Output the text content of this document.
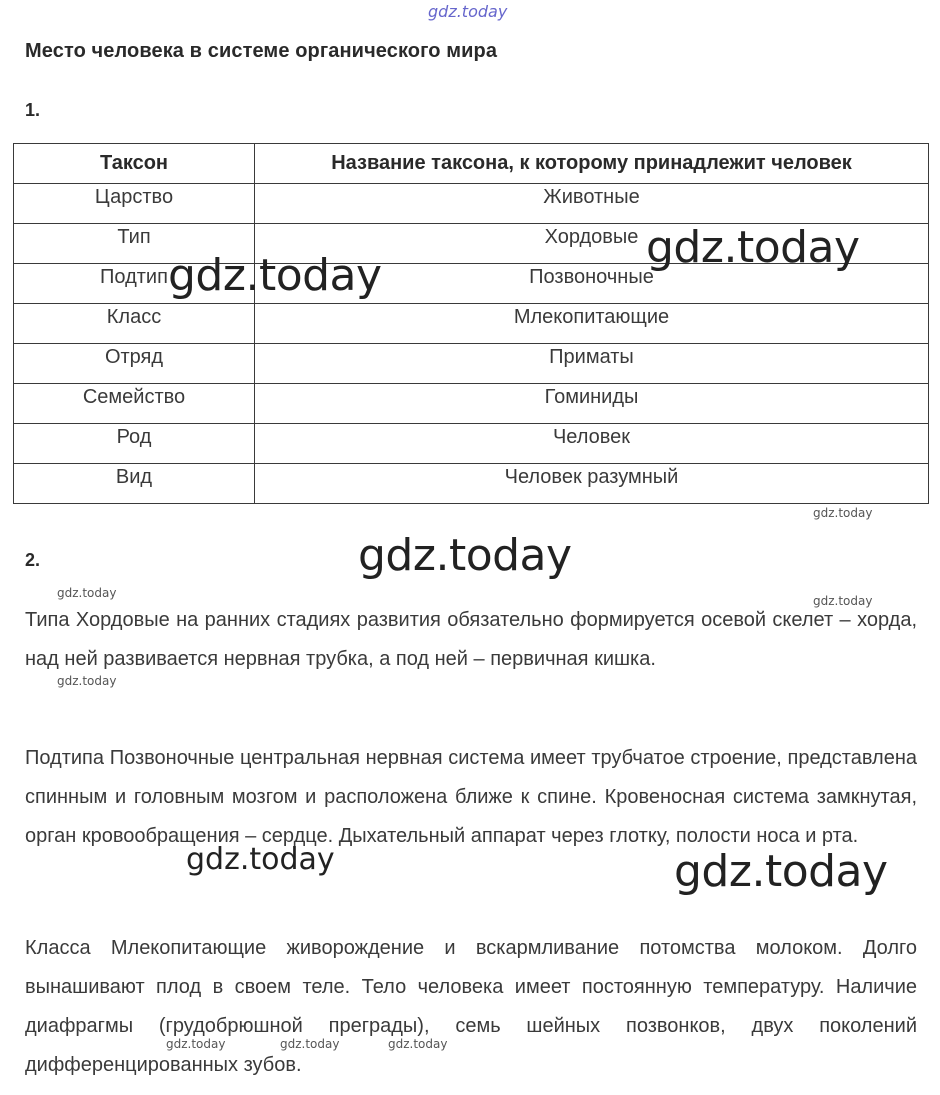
gdz.today
Место человека в системе органического мира
1.
Таксон	Название таксона, к которому принадлежит человек
Царство	Животные
Тип	Хордовые
Подтип	Позвоночные
Класс	Млекопитающие
Отряд	Приматы
Семейство	Гоминиды
Род	Человек
Вид	Человек разумный
2.

Типа Хордовые на ранних стадиях развития обязательно формируется осевой скелет – хорда, над ней развивается нервная трубка, а под ней – первичная кишка.

Подтипа Позвоночные центральная нервная система имеет трубчатое строение, представлена спинным и головным мозгом и расположена ближе к спине. Кровеносная система замкнутая, орган кровообращения – сердце. Дыхательный аппарат через глотку, полости носа и рта.

Класса Млекопитающие живорождение и вскармливание потомства молоком. Долго вынашивают плод в своем теле. Тело человека имеет постоянную температуру. Наличие диафрагмы (грудобрюшной преграды), семь шейных позвонков, двух поколений дифференцированных зубов.

gdz.today
gdz.today
gdz.today
gdz.today
gdz.today
gdz.today
gdz.today
gdz.today
gdz.today
gdz.today	gdz.today	gdz.today
